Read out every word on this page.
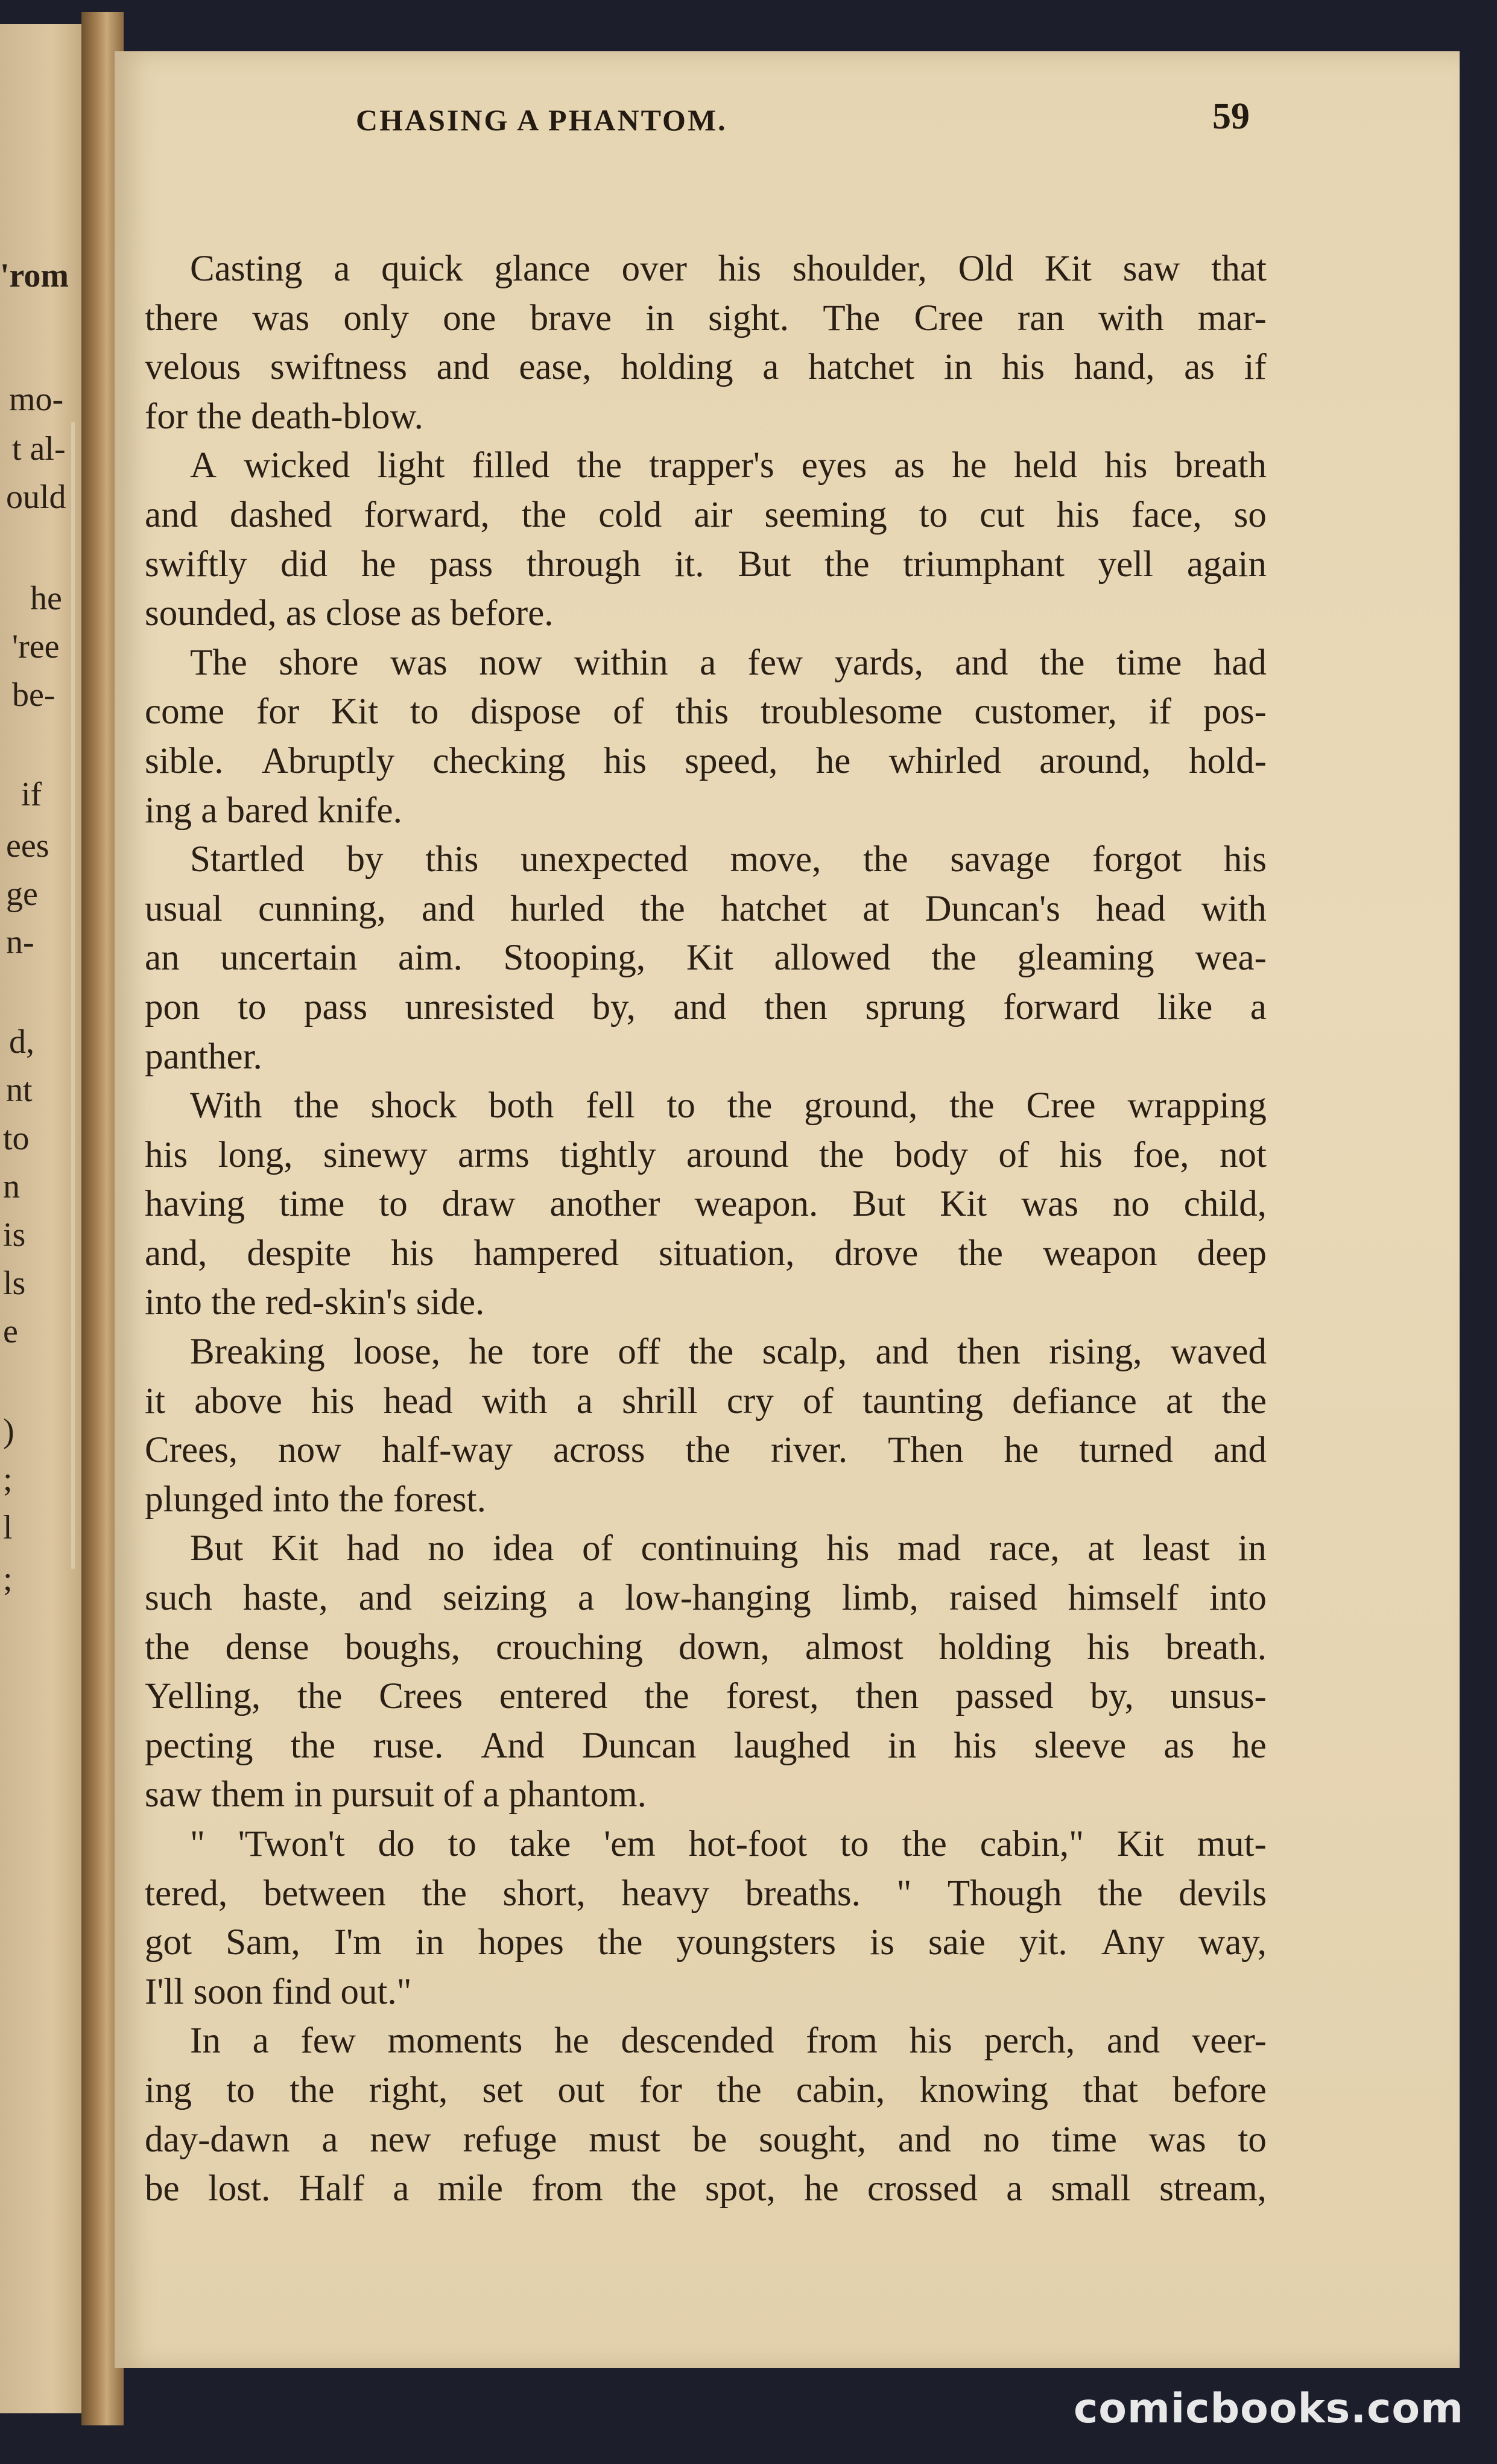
'rom
mo-
t al-
ould
he
'ree
be-
if
ees
ge
n-
d,
nt
to
n
is
ls
e
)
;
l
;
CHASING A PHANTOM.	59
Casting a quick glance over his shoulder, Old Kit saw that
there was only one brave in sight. The Cree ran with mar-
velous swiftness and ease, holding a hatchet in his hand, as if
for the death-blow.
A wicked light filled the trapper's eyes as he held his breath
and dashed forward, the cold air seeming to cut his face, so
swiftly did he pass through it. But the triumphant yell again
sounded, as close as before.
The shore was now within a few yards, and the time had
come for Kit to dispose of this troublesome customer, if pos-
sible. Abruptly checking his speed, he whirled around, hold-
ing a bared knife.
Startled by this unexpected move, the savage forgot his
usual cunning, and hurled the hatchet at Duncan's head with
an uncertain aim. Stooping, Kit allowed the gleaming wea-
pon to pass unresisted by, and then sprung forward like a
panther.
With the shock both fell to the ground, the Cree wrapping
his long, sinewy arms tightly around the body of his foe, not
having time to draw another weapon. But Kit was no child,
and, despite his hampered situation, drove the weapon deep
into the red-skin's side.
Breaking loose, he tore off the scalp, and then rising, waved
it above his head with a shrill cry of taunting defiance at the
Crees, now half-way across the river. Then he turned and
plunged into the forest.
But Kit had no idea of continuing his mad race, at least in
such haste, and seizing a low-hanging limb, raised himself into
the dense boughs, crouching down, almost holding his breath.
Yelling, the Crees entered the forest, then passed by, unsus-
pecting the ruse. And Duncan laughed in his sleeve as he
saw them in pursuit of a phantom.
" 'Twon't do to take 'em hot-foot to the cabin," Kit mut-
tered, between the short, heavy breaths. " Though the devils
got Sam, I'm in hopes the youngsters is saie yit. Any way,
I'll soon find out."
In a few moments he descended from his perch, and veer-
ing to the right, set out for the cabin, knowing that before
day-dawn a new refuge must be sought, and no time was to
be lost. Half a mile from the spot, he crossed a small stream,
comicbooks.com
